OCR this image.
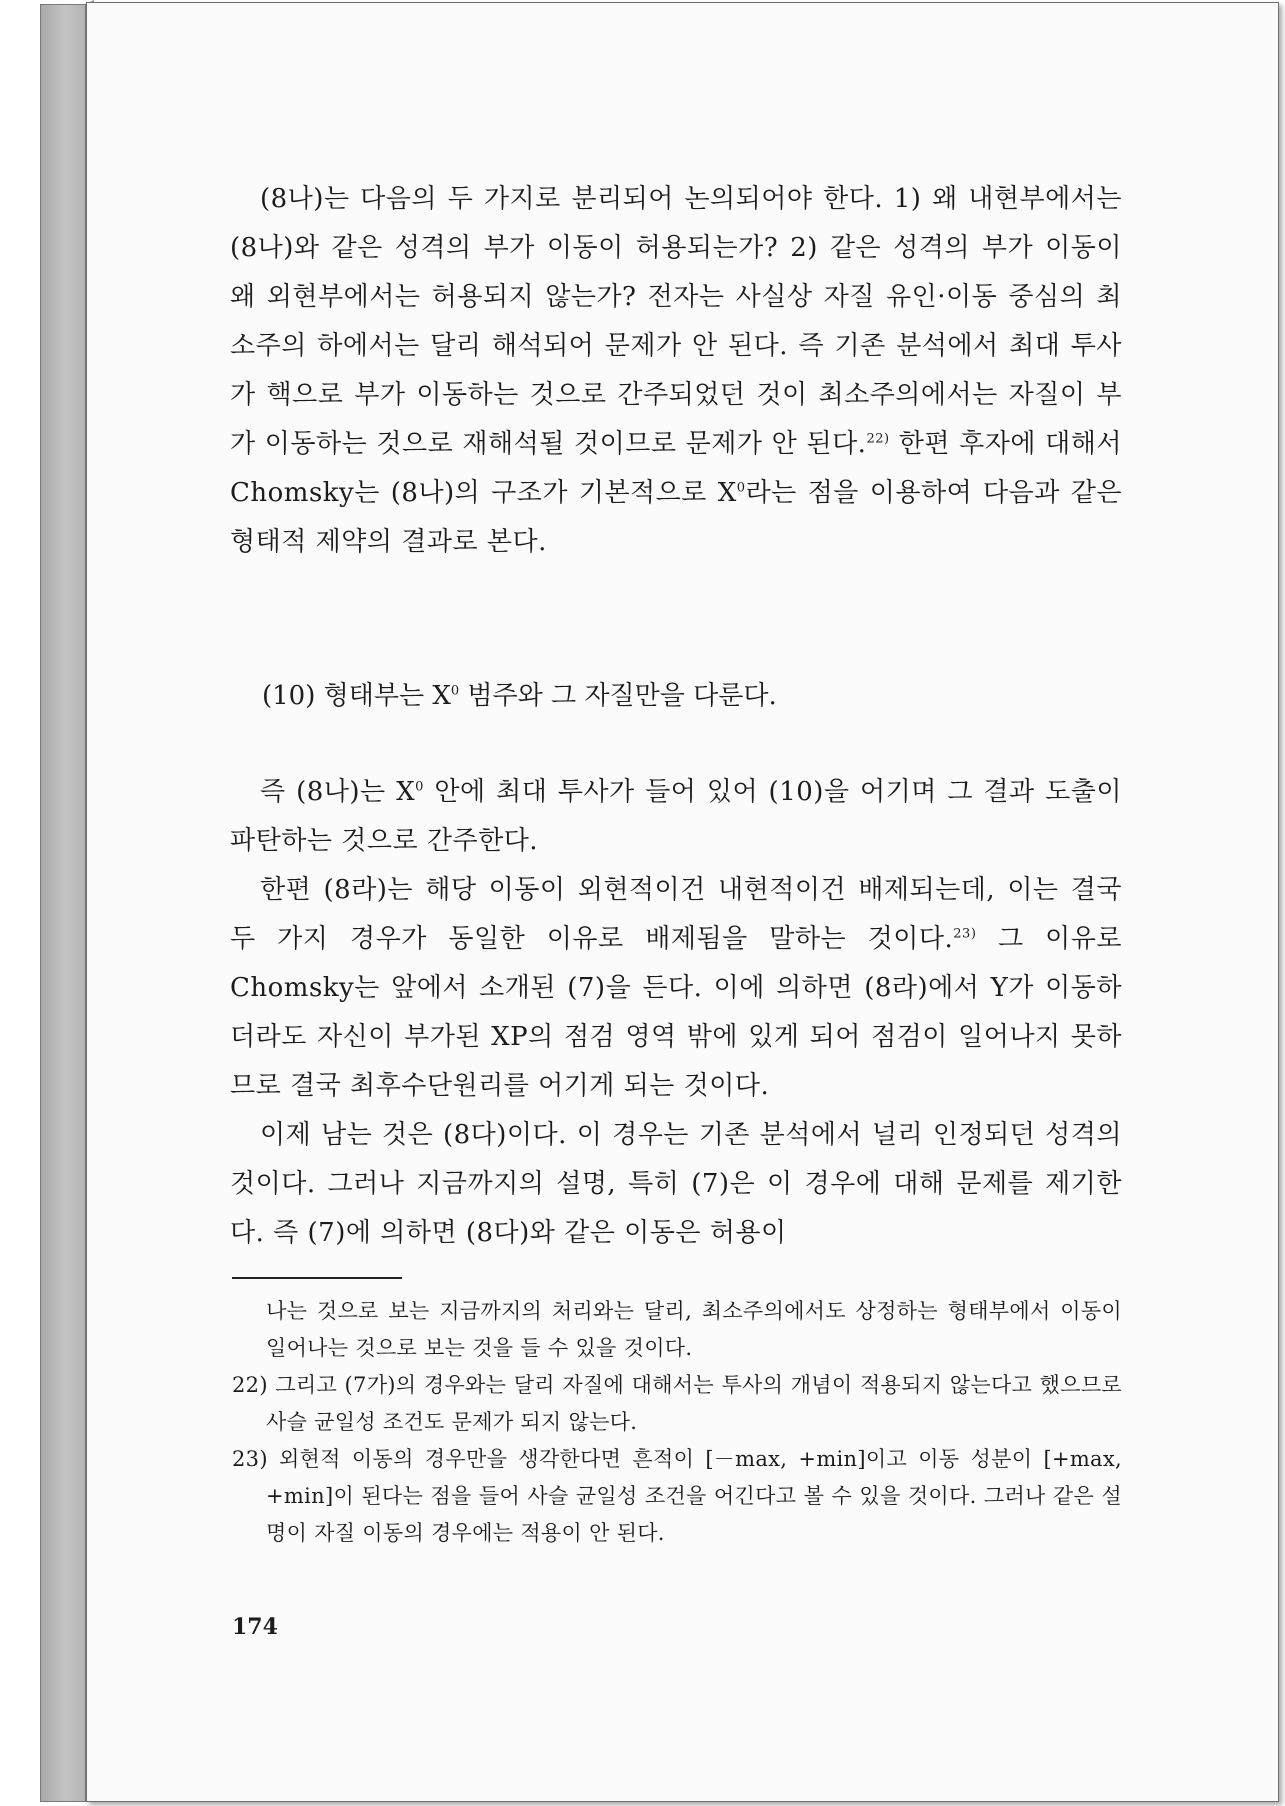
(8나)는 다음의 두 가지로 분리되어 논의되어야 한다. 1) 왜 내현부에서는 (8나)와 같은 성격의 부가 이동이 허용되는가? 2) 같은 성격의 부가 이동이 왜 외현부에서는 허용되지 않는가? 전자는 사실상 자질 유인·이동 중심의 최소주의 하에서는 달리 해석되어 문제가 안 된다. 즉 기존 분석에서 최대 투사가 핵으로 부가 이동하는 것으로 간주되었던 것이 최소주의에서는 자질이 부가 이동하는 것으로 재해석될 것이므로 문제가 안 된다.$^{22)}$ 한편 후자에 대해서 Chomsky는 (8나)의 구조가 기본적으로 $X^0$라는 점을 이용하여 다음과 같은 형태적 제약의 결과로 본다.

(10) 형태부는 $X^0$ 범주와 그 자질만을 다룬다.

즉 (8나)는 $X^0$ 안에 최대 투사가 들어 있어 (10)을 어기며 그 결과 도출이 파탄하는 것으로 간주한다.

한편 (8라)는 해당 이동이 외현적이건 내현적이건 배제되는데, 이는 결국 두 가지 경우가 동일한 이유로 배제됨을 말하는 것이다.$^{23)}$ 그 이유로 Chomsky는 앞에서 소개된 (7)을 든다. 이에 의하면 (8라)에서 Y가 이동하더라도 자신이 부가된 XP의 점검 영역 밖에 있게 되어 점검이 일어나지 못하므로 결국 최후수단원리를 어기게 되는 것이다.

이제 남는 것은 (8다)이다. 이 경우는 기존 분석에서 널리 인정되던 성격의 것이다. 그러나 지금까지의 설명, 특히 (7)은 이 경우에 대해 문제를 제기한다. 즉 (7)에 의하면 (8다)와 같은 이동은 허용이

나는 것으로 보는 지금까지의 처리와는 달리, 최소주의에서도 상정하는 형태부에서 이동이 일어나는 것으로 보는 것을 들 수 있을 것이다.

22) 그리고 (7가)의 경우와는 달리 자질에 대해서는 투사의 개념이 적용되지 않는다고 했으므로 사슬 균일성 조건도 문제가 되지 않는다.

23) 외현적 이동의 경우만을 생각한다면 흔적이 [－max, +min]이고 이동 성분이 [+max, +min]이 된다는 점을 들어 사슬 균일성 조건을 어긴다고 볼 수 있을 것이다. 그러나 같은 설명이 자질 이동의 경우에는 적용이 안 된다.

174
